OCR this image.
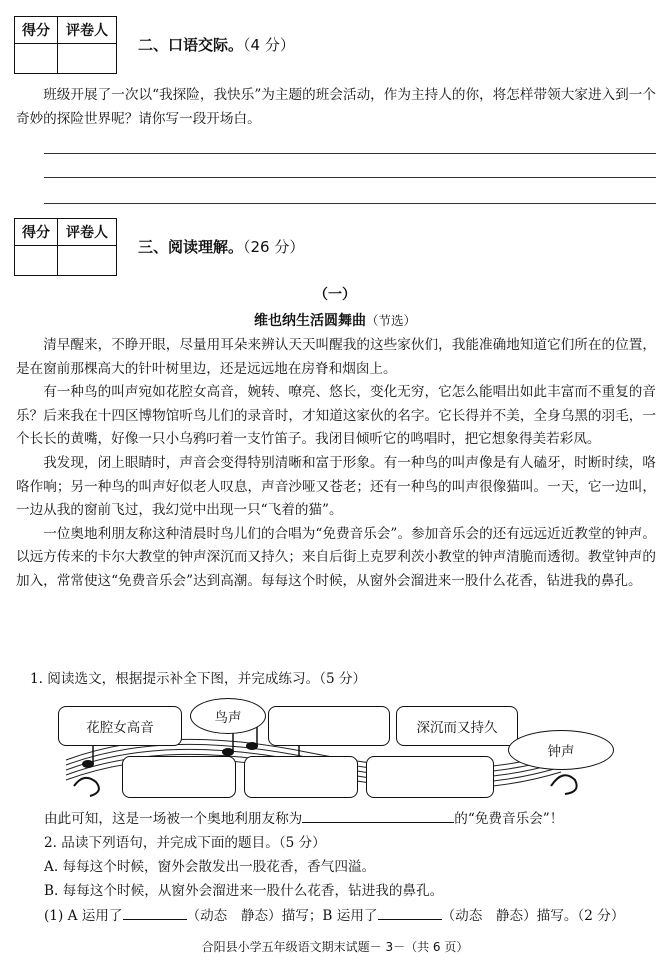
得分	评卷人

二、口语交际。（4 分）

班级开展了一次以“我探险，我快乐”为主题的班会活动，作为主持人的你，将怎样带领大家进入到一个奇妙的探险世界呢？请你写一段开场白。

得分	评卷人

三、阅读理解。（26 分）
（一）
维也纳生活圆舞曲（节选）

清早醒来，不睁开眼，尽量用耳朵来辨认天天叫醒我的这些家伙们，我能准确地知道它们所在的位置，是在窗前那棵高大的针叶树里边，还是远远地在房脊和烟囱上。

有一种鸟的叫声宛如花腔女高音，婉转、嘹亮、悠长，变化无穷，它怎么能唱出如此丰富而不重复的音乐？后来我在十四区博物馆听鸟儿们的录音时，才知道这家伙的名字。它长得并不美，全身乌黑的羽毛，一个长长的黄嘴，好像一只小乌鸦叼着一支竹笛子。我闭目倾听它的鸣唱时，把它想象得美若彩凤。

我发现，闭上眼睛时，声音会变得特别清晰和富于形象。有一种鸟的叫声像是有人磕牙，时断时续，咯咯作响；另一种鸟的叫声好似老人叹息，声音沙哑又苍老；还有一种鸟的叫声很像猫叫。一天，它一边叫，一边从我的窗前飞过，我幻觉中出现一只“飞着的猫”。

一位奥地利朋友称这种清晨时鸟儿们的合唱为“免费音乐会”。参加音乐会的还有远远近近教堂的钟声。以远方传来的卡尔大教堂的钟声深沉而又持久；来自后街上克罗利茨小教堂的钟声清脆而透彻。教堂钟声的加入，常常使这“免费音乐会”达到高潮。每每这个时候，从窗外会溜进来一股什么花香，钻进我的鼻孔。

1. 阅读选文，根据提示补全下图，并完成练习。（5 分）

花腔女高音
鸟声
深沉而又持久
钟声

由此可知，这是一场被一个奥地利朋友称为	的“免费音乐会”！

2. 品读下列语句，并完成下面的题目。（5 分）

A. 每每这个时候，窗外会散发出一股花香，香气四溢。

B. 每每这个时候，从窗外会溜进来一股什么花香，钻进我的鼻孔。

(1) A 运用了	（动态　静态）描写；B 运用了	（动态　静态）描写。（2 分）

合阳县小学五年级语文期末试题－ 3－（共 6 页）
